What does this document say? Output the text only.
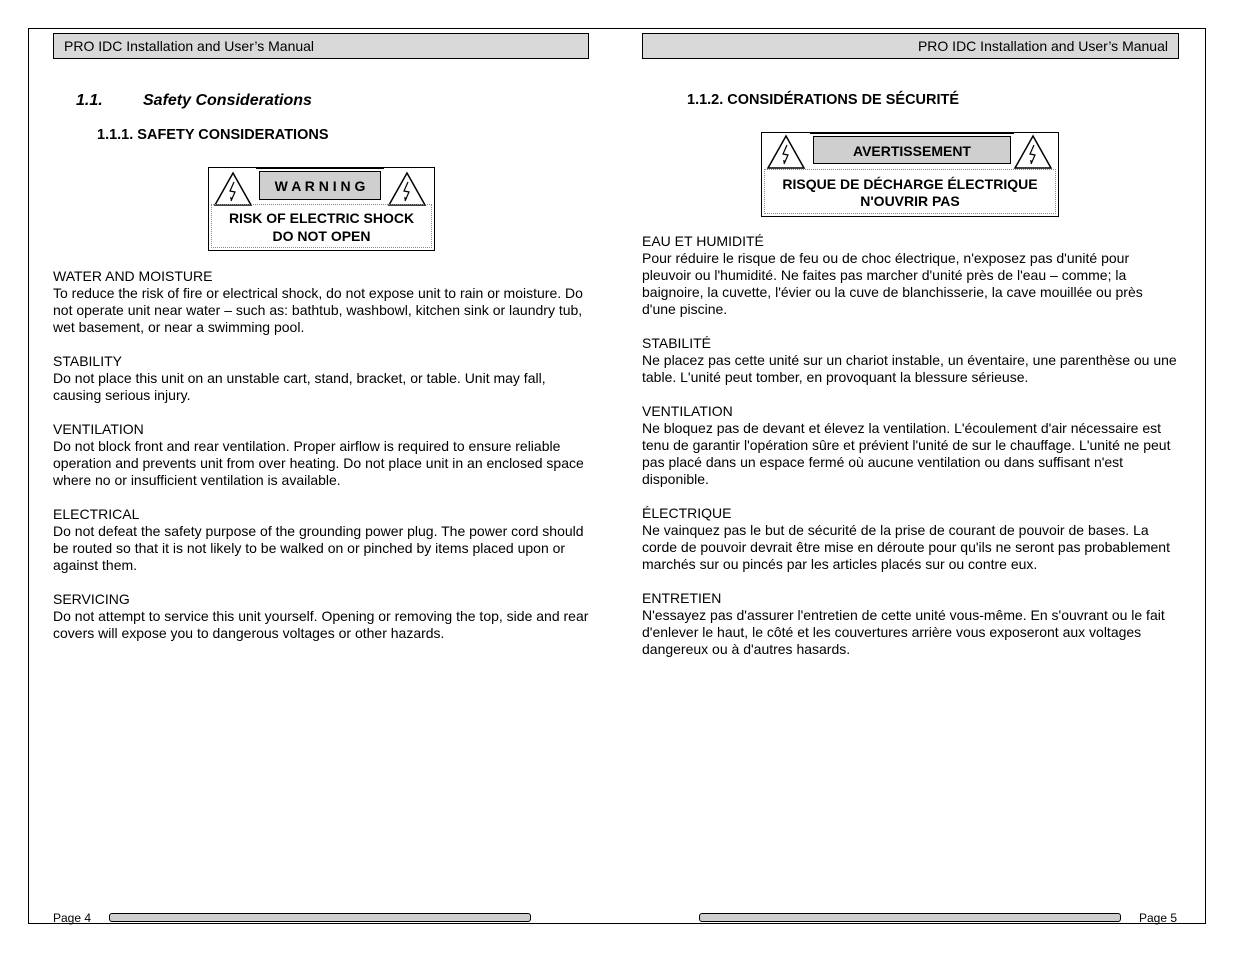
PRO IDC Installation and User’s Manual
1.1.	Safety Considerations
1.1.1. SAFETY CONSIDERATIONS
W A R N I N G
RISK OF ELECTRIC SHOCK
DO NOT OPEN

WATER AND MOISTURE
To reduce the risk of fire or electrical shock, do not expose unit to rain or moisture. Do not operate unit near water – such as: bathtub, washbowl, kitchen sink or laundry tub, wet basement, or near a swimming pool.

STABILITY
Do not place this unit on an unstable cart, stand, bracket, or table. Unit may fall, causing serious injury.

VENTILATION
Do not block front and rear ventilation. Proper airflow is required to ensure reliable operation and prevents unit from over heating. Do not place unit in an enclosed space where no or insufficient ventilation is available.

ELECTRICAL
Do not defeat the safety purpose of the grounding power plug. The power cord should be routed so that it is not likely to be walked on or pinched by items placed upon or against them.

SERVICING
Do not attempt to service this unit yourself. Opening or removing the top, side and rear covers will expose you to dangerous voltages or other hazards.

Page 4
PRO IDC Installation and User’s Manual
1.1.2. CONSIDÉRATIONS DE SÉCURITÉ
AVERTISSEMENT
RISQUE DE DÉCHARGE ÉLECTRIQUE
N'OUVRIR PAS

EAU ET HUMIDITÉ
Pour réduire le risque de feu ou de choc électrique, n'exposez pas d'unité pour pleuvoir ou l'humidité. Ne faites pas marcher d'unité près de l'eau – comme; la baignoire, la cuvette, l'évier ou la cuve de blanchisserie, la cave mouillée ou près d'une piscine.

STABILITÉ
Ne placez pas cette unité sur un chariot instable, un éventaire, une parenthèse ou une table. L'unité peut tomber, en provoquant la blessure sérieuse.

VENTILATION
Ne bloquez pas de devant et élevez la ventilation. L'écoulement d'air nécessaire est tenu de garantir l'opération sûre et prévient l'unité de sur le chauffage. L'unité ne peut pas placé dans un espace fermé où aucune ventilation ou dans suffisant n'est disponible.

ÉLECTRIQUE
Ne vainquez pas le but de sécurité de la prise de courant de pouvoir de bases. La corde de pouvoir devrait être mise en déroute pour qu'ils ne seront pas probablement marchés sur ou pincés par les articles placés sur ou contre eux.

ENTRETIEN
N'essayez pas d'assurer l'entretien de cette unité vous-même. En s'ouvrant ou le fait d'enlever le haut, le côté et les couvertures arrière vous exposeront aux voltages dangereux ou à d'autres hasards.

Page 5
